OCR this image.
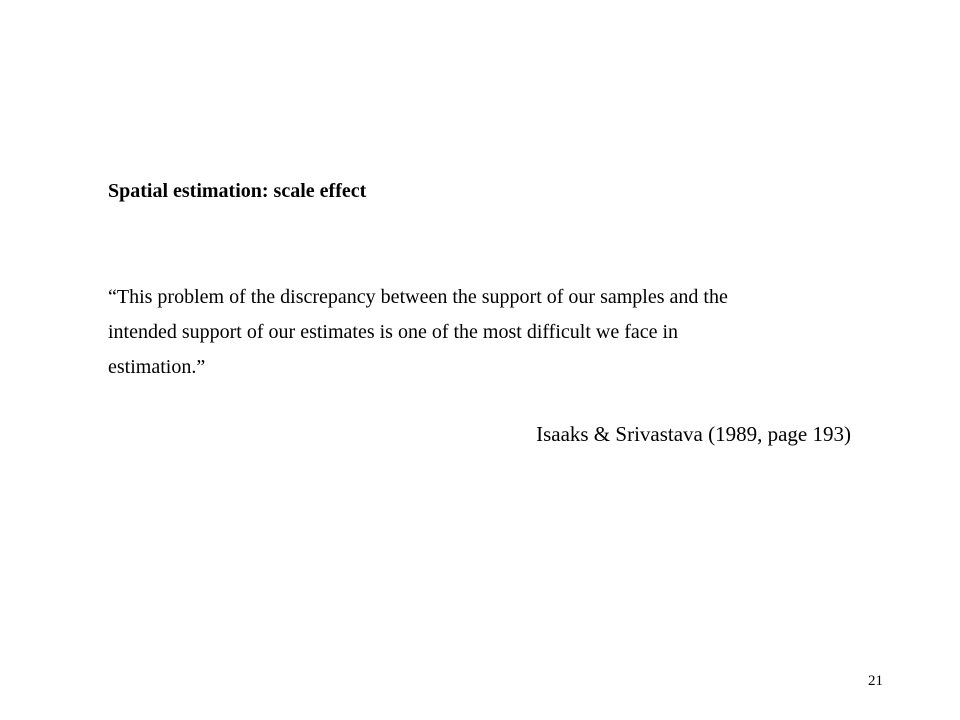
Spatial estimation: scale effect
“This problem of the discrepancy between the support of our samples and the
intended support of our estimates is one of the most difficult we face in
estimation.”
Isaaks & Srivastava (1989, page 193)
21
